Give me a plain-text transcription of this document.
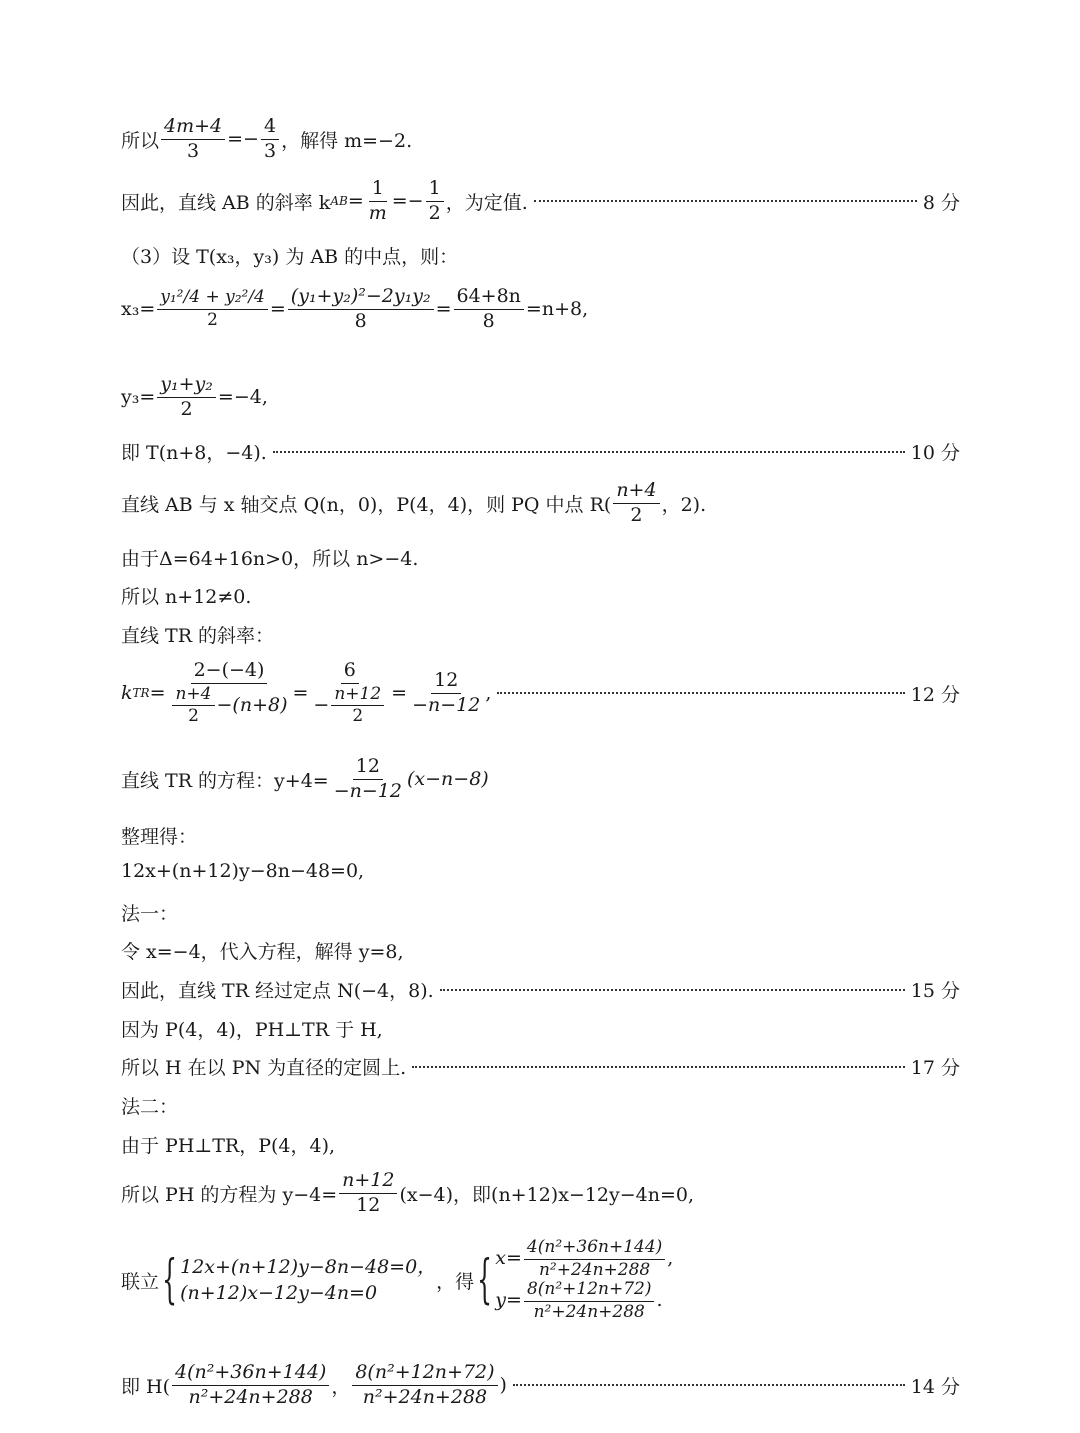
所以 $\frac{4m+4}{3} =- \frac{4}{3}$ ，解得 m=−2.
因此，直线 AB 的斜率 k AB = $\frac{1}{m} =- \frac{1}{2}$ ，为定值.	8 分
（3）设 T(x₃，y₃) 为 AB 的中点，则：
$x_3= \frac{\text{y₁²/4 + y₂²/4}}{2} = \frac{\text{(y₁+y₂)²−2y₁y₂}}{8} = \frac{64+8n}{8} =n+8$,
$y_3= \frac{\text{y₁+y₂}}{2} =-4$,
即 T(n+8，−4).	10 分
直线 AB 与 x 轴交点 Q(n，0)，P(4，4)，则 PQ 中点 $R( \frac{n+4}{2}$ ，2).
由于Δ=64+16n>0，所以 n>−4.
所以 n+12≠0.
直线 TR 的斜率：
k TR = $\frac{2-(-4)}{\frac{n+4}{2} -(n+8)} = \frac{6}{- \frac{n+12}{2}} = \frac{12}{-n-12}$ ,	12 分
直线 TR 的方程：$y+4= \frac{12}{-n-12} (x-n-8)$
整理得：
12x+(n+12)y−8n−48=0,
法一：
令 x=−4，代入方程，解得 y=8,
因此，直线 TR 经过定点 N(−4，8).	15 分
因为 P(4，4)，PH⊥TR 于 H,
所以 H 在以 PN 为直径的定圆上.	17 分
法二：
由于 PH⊥TR，P(4，4),
所以 PH 的方程为 $y-4= \frac{n+12}{12} (x-4)$，即(n+12)x−12y−4n=0,
联立 { 12x+(n+12)y−8n−48=0，
(n+12)x−12y−4n=0
，得 { $x= \frac{\text{4(n²+36n+144)}}{\text{n²+24n+288}}$ ,
$y= \frac{\text{8(n²+12n+72)}}{\text{n²+24n+288}}$ .
即 $H( \frac{\text{4(n²+36n+144)}}{\text{n²+24n+288}}$ ， $\frac{\text{8(n²+12n+72)}}{\text{n²+24n+288}}$ )	14 分
